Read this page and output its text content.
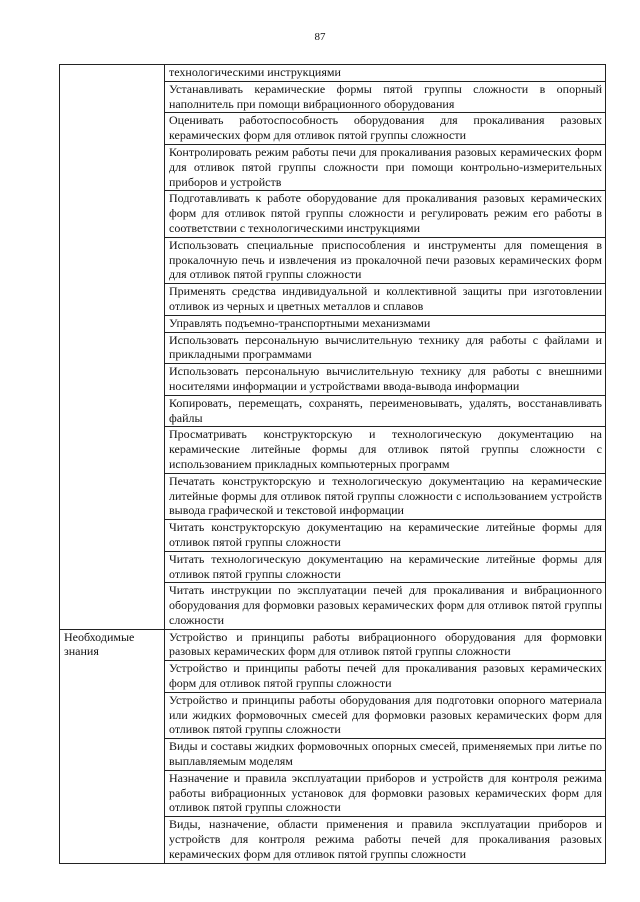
87
	технологическими инструкциями
	Устанавливать керамические формы пятой группы сложности в опорный наполнитель при помощи вибрационного оборудования
	Оценивать работоспособность оборудования для прокаливания разовых керамических форм для отливок пятой группы сложности
	Контролировать режим работы печи для прокаливания разовых керамических форм для отливок пятой группы сложности при помощи контрольно-измерительных приборов и устройств
	Подготавливать к работе оборудование для прокаливания разовых керамических форм для отливок пятой группы сложности и регулировать режим его работы в соответствии с технологическими инструкциями
	Использовать специальные приспособления и инструменты для помещения в прокалочную печь и извлечения из прокалочной печи разовых керамических форм для отливок пятой группы сложности
	Применять средства индивидуальной и коллективной защиты при изготовлении отливок из черных и цветных металлов и сплавов
	Управлять подъемно-транспортными механизмами
	Использовать персональную вычислительную технику для работы с файлами и прикладными программами
	Использовать персональную вычислительную технику для работы с внешними носителями информации и устройствами ввода-вывода информации
	Копировать, перемещать, сохранять, переименовывать, удалять, восстанавливать файлы
	Просматривать конструкторскую и технологическую документацию на керамические литейные формы для отливок пятой группы сложности с использованием прикладных компьютерных программ
	Печатать конструкторскую и технологическую документацию на керамические литейные формы для отливок пятой группы сложности с использованием устройств вывода графической и текстовой информации
	Читать конструкторскую документацию на керамические литейные формы для отливок пятой группы сложности
	Читать технологическую документацию на керамические литейные формы для отливок пятой группы сложности
	Читать инструкции по эксплуатации печей для прокаливания и вибрационного оборудования для формовки разовых керамических форм для отливок пятой группы сложности
Необходимые знания	Устройство и принципы работы вибрационного оборудования для формовки разовых керамических форм для отливок пятой группы сложности
	Устройство и принципы работы печей для прокаливания разовых керамических форм для отливок пятой группы сложности
	Устройство и принципы работы оборудования для подготовки опорного материала или жидких формовочных смесей для формовки разовых керамических форм для отливок пятой группы сложности
	Виды и составы жидких формовочных опорных смесей, применяемых при литье по выплавляемым моделям
	Назначение и правила эксплуатации приборов и устройств для контроля режима работы вибрационных установок для формовки разовых керамических форм для отливок пятой группы сложности
	Виды, назначение, области применения и правила эксплуатации приборов и устройств для контроля режима работы печей для прокаливания разовых керамических форм для отливок пятой группы сложности
